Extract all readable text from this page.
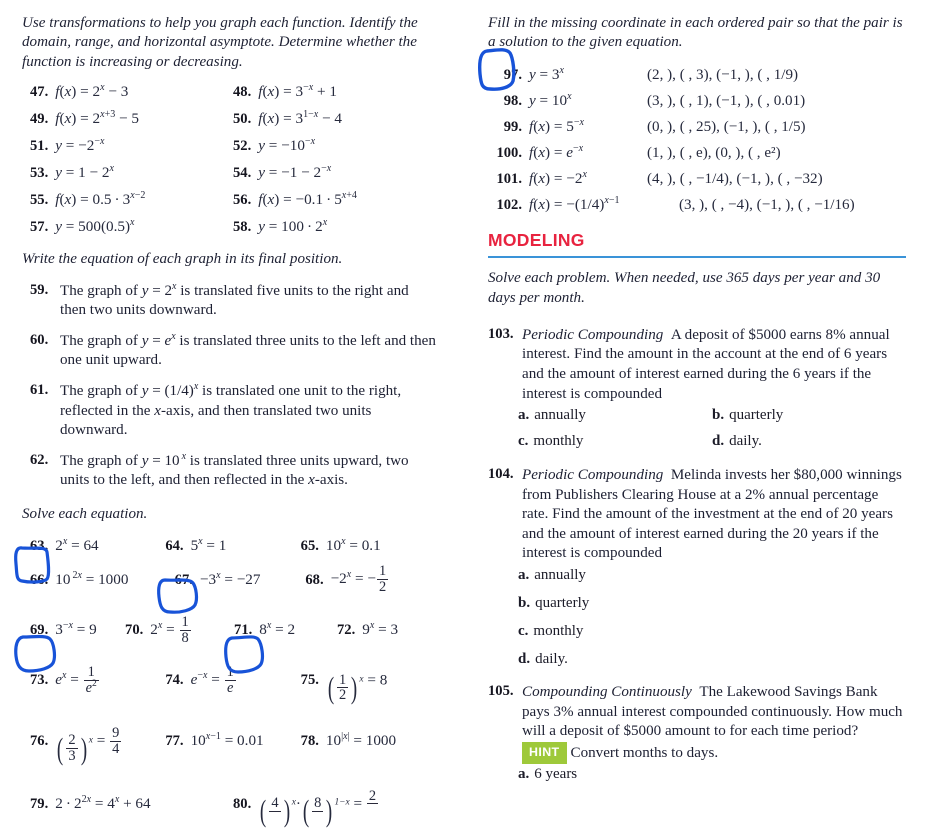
Use transformations to help you graph each function. Identify the domain, range, and horizontal asymptote. Determine whether the function is increasing or decreasing.

47. $f(x) = 2^x - 3$	48. $f(x) = 3^{-x} + 1$
49. $f(x) = 2^{x+3} - 5$	50. $f(x) = 3^{1-x} - 4$
51. $y = -2^{-x}$	52. $y = -10^{-x}$
53. $y = 1 - 2^x$	54. $y = -1 - 2^{-x}$
55. $f(x) = 0.5 \cdot 3^{x-2}$	56. $f(x) = -0.1 \cdot 5^{x+4}$
57. $y = 500(0.5)^x$	58. $y = 100 \cdot 2^x$

Write the equation of each graph in its final position.

59. The graph of $y = 2^x$ is translated five units to the right and then two units downward.
60. The graph of $y = e^x$ is translated three units to the left and then one unit upward.
61. The graph of $y = (1/4)^x$ is translated one unit to the right, reflected in the x-axis, and then translated two units downward.
62. The graph of y = 10  $^x$ is translated three units upward, two units to the left, and then reflected in the x-axis.

Solve each equation.

63. $2^x = 64$	64. $5^x = 1$	65. $10^x = 0.1$
66. 10 $^{2x}$ = 1000	67. $-3^x = -27$	68. $-2^x$ = − $\frac{1}{2}$
69. $3^{-x} = 9$ 70. $2^x = \frac{1}{8}$	71. $8^x = 2$	72. $9^x = 3$
73. $e^x = \frac{1}{e^2}$	74. $e^{-x} = \frac{1}{e}$	75. ( $\frac{1}{2}$ ) $^x$ = 8
76. ( $\frac{2}{3}$ ) $^x = \frac{9}{4}$	77. $10^{x-1} = 0.01$	78. $10^{|x|} = 1000$
79. $2 \cdot 2^{2x} = 4^x + 64$	80. ( 4
) $^x$·( 8
) $^{1-x}$ = 2

Fill in the missing coordinate in each ordered pair so that the pair is a solution to the given equation.

97. $y = 3^x$	(2, ), ( , 3), (−1, ), ( , 1/9)
98. $y = 10^x$	(3, ), ( , 1), (−1, ), ( , 0.01)
99. $f(x) = 5^{-x}$	(0, ), ( , 25), (−1, ), ( , 1/5)
100. $f(x) = e^{-x}$	(1, ), ( , e), (0, ), ( , e²)
101. $f(x) = -2^x$	(4, ), ( , −1/4), (−1, ), ( , −32)
102. $f(x) = -(1/4)^{x-1}$	(3, ), ( , −4), (−1, ), ( , −1/16)
MODELING

Solve each problem. When needed, use 365 days per year and 30 days per month.

103. Periodic Compounding A deposit of $5000 earns 8% annual interest. Find the amount in the account at the end of 6 years and the amount of interest earned during the 6 years if the interest is compounded
a. annually	b. quarterly
c. monthly	d. daily.
104. Periodic Compounding Melinda invests her $80,000 winnings from Publishers Clearing House at a 2% annual percentage rate. Find the amount of the investment at the end of 20 years and the amount of interest earned during the 20 years if the interest is compounded
a. annually
b. quarterly
c. monthly
d. daily.
105. Compounding Continuously The Lakewood Savings Bank pays 3% annual interest compounded continuously. How much will a deposit of $5000 amount to for each time period? HINT Convert months to days.
a. 6 years
